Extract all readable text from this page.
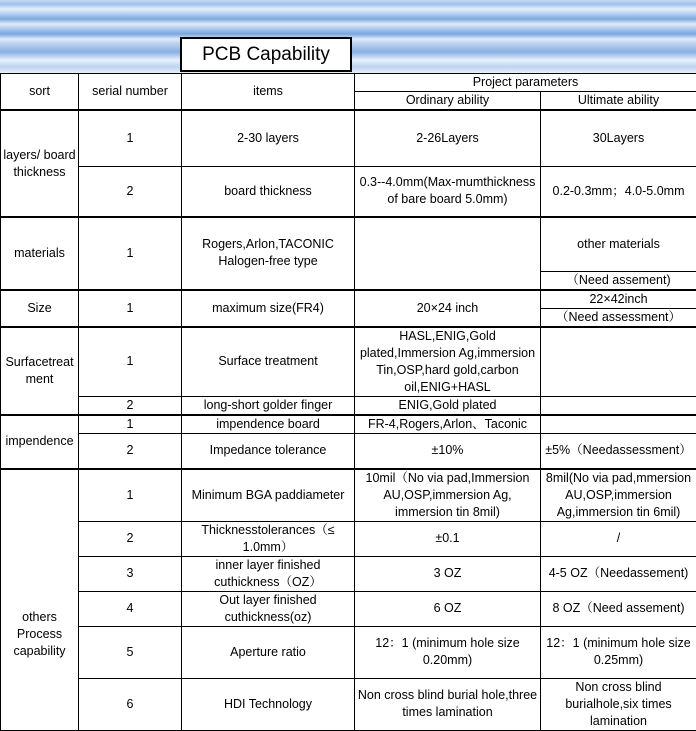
PCB Capability
sort	serial number	items	Project parameters	
			Ordinary ability	Ultimate ability
layers/ board thickness	1	2-30 layers	2-26Layers	30Layers
	2	board thickness	0.3--4.0mm(Max-mumthickness of bare board 5.0mm)	0.2-0.3mm；4.0-5.0mm
materials	1	Rogers,Arlon,TACONIC Halogen-free type		other materials
				（Need assement)
Size	1	maximum size(FR4)	20×24 inch	22×42inch
				（Need assessment）
Surfacetreatment	1	Surface treatment	HASL,ENIG,Gold plated,Immersion Ag,immersion Tin,OSP,hard gold,carbon oil,ENIG+HASL	
	2	long-short golder finger	ENIG,Gold plated	
impendence	1	impendence board	FR-4,Rogers,Arlon、Taconic	
	2	Impedance tolerance	±10%	±5%（Needassessment）
others Process capability	1	Minimum BGA paddiameter	10mil（No via pad,Immersion AU,OSP,immersion Ag, immersion tin 8mil)	8mil(No via pad,mmersion AU,OSP,immersion Ag,immersion tin 6mil)
	2	Thicknesstolerances（≤ 1.0mm）	±0.1	/
	3	inner layer finished cuthickness（OZ）	3 OZ	4-5 OZ（Needassement)
	4	Out layer finished cuthickness(oz)	6 OZ	8 OZ（Need assement)
	5	Aperture ratio	12：1 (minimum hole size 0.20mm)	12：1 (minimum hole size 0.25mm)
	6	HDI Technology	Non cross blind burial hole,three times lamination	Non cross blind burialhole,six times lamination
